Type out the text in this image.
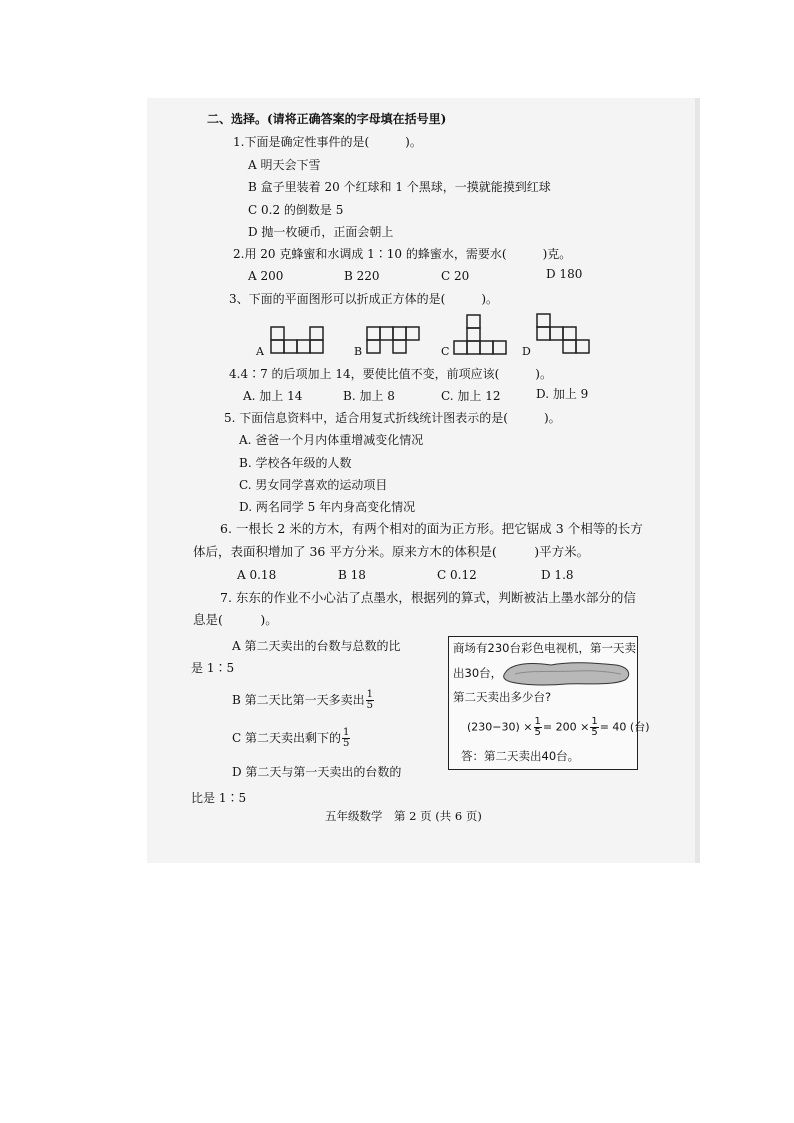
二、选择。(请将正确答案的字母填在括号里)
1.下面是确定性事件的是(　　　)。
A 明天会下雪
B 盒子里装着 20 个红球和 1 个黑球，一摸就能摸到红球
C 0.2 的倒数是 5
D 抛一枚硬币，正面会朝上
2.用 20 克蜂蜜和水调成 1∶10 的蜂蜜水，需要水(　　　)克。
A 200	B 220	C 20	D 180
3、下面的平面图形可以折成正方体的是(　　　)。
A	B	C	D
4.4∶7 的后项加上 14，要使比值不变，前项应该(　　　)。
A. 加上 14	B. 加上 8	C. 加上 12	D. 加上 9
5. 下面信息资料中，适合用复式折线统计图表示的是(　　　)。
A. 爸爸一个月内体重增减变化情况
B. 学校各年级的人数
C. 男女同学喜欢的运动项目
D. 两名同学 5 年内身高变化情况
6. 一根长 2 米的方木，有两个相对的面为正方形。把它锯成 3 个相等的长方
体后，表面积增加了 36 平方分米。原来方木的体积是(　　　)平方米。
A 0.18	B 18	C 0.12	D 1.8
7. 东东的作业不小心沾了点墨水，根据列的算式，判断被沾上墨水部分的信
息是(　　　)。
A 第二天卖出的台数与总数的比
是 1∶5
B 第二天比第一天多卖出 $\frac{1}{5}$
C 第二天卖出剩下的 $\frac{1}{5}$
D 第二天与第一天卖出的台数的
比是 1∶5
商场有230台彩色电视机，第一天卖
出30台，
第二天卖出多少台?
$(230-30) \times \frac{1}{5} = 200 \times \frac{1}{5} = 40$ (台)
答：第二天卖出40台。
五年级数学　第 2 页 (共 6 页)
